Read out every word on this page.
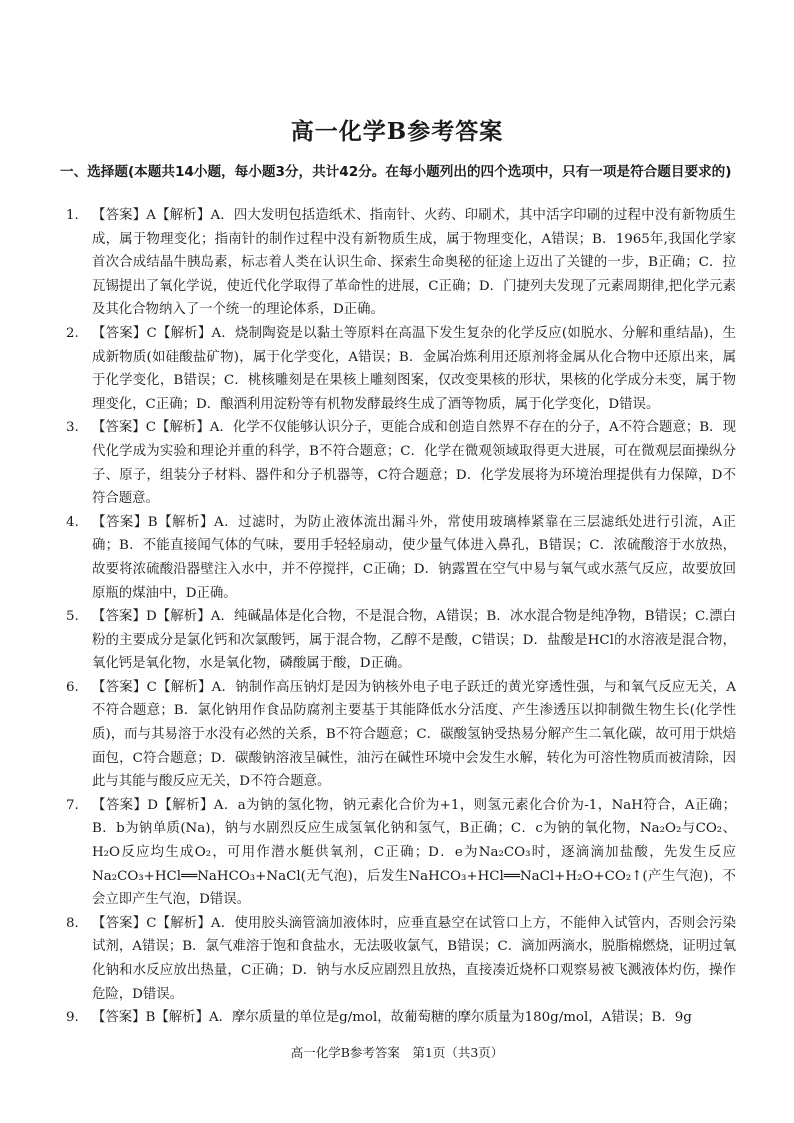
高一化学B参考答案
一、选择题(本题共14小题，每小题3分，共计42分。在每小题列出的四个选项中，只有一项是符合题目要求的)
1. 【答案】A【解析】A．四大发明包括造纸术、指南针、火药、印刷术，其中活字印刷的过程中没有新物质生成，属于物理变化；指南针的制作过程中没有新物质生成，属于物理变化，A错误；B．1965年,我国化学家首次合成结晶牛胰岛素，标志着人类在认识生命、探索生命奥秘的征途上迈出了关键的一步，B正确；C．拉瓦锡提出了氧化学说，使近代化学取得了革命性的进展，C正确；D．门捷列夫发现了元素周期律,把化学元素及其化合物纳入了一个统一的理论体系，D正确。
2. 【答案】C【解析】A．烧制陶瓷是以黏土等原料在高温下发生复杂的化学反应(如脱水、分解和重结晶)，生成新物质(如硅酸盐矿物)，属于化学变化，A错误；B．金属冶炼利用还原剂将金属从化合物中还原出来，属于化学变化，B错误；C．桃核雕刻是在果核上雕刻图案，仅改变果核的形状，果核的化学成分未变，属于物理变化，C正确；D．酿酒利用淀粉等有机物发酵最终生成了酒等物质，属于化学变化，D错误。
3. 【答案】C【解析】A．化学不仅能够认识分子，更能合成和创造自然界不存在的分子，A不符合题意；B．现代化学成为实验和理论并重的科学，B不符合题意；C．化学在微观领域取得更大进展，可在微观层面操纵分子、原子，组装分子材料、器件和分子机器等，C符合题意；D．化学发展将为环境治理提供有力保障，D不符合题意。
4. 【答案】B【解析】A．过滤时，为防止液体流出漏斗外，常使用玻璃棒紧靠在三层滤纸处进行引流，A正确；B．不能直接闻气体的气味，要用手轻轻扇动，使少量气体进入鼻孔，B错误；C．浓硫酸溶于水放热，故要将浓硫酸沿器壁注入水中，并不停搅拌，C正确；D．钠露置在空气中易与氧气或水蒸气反应，故要放回原瓶的煤油中，D正确。
5. 【答案】D【解析】A．纯碱晶体是化合物，不是混合物，A错误；B．冰水混合物是纯净物，B错误；C.漂白粉的主要成分是氯化钙和次氯酸钙，属于混合物，乙醇不是酸，C错误；D．盐酸是HCl的水溶液是混合物，氧化钙是氧化物，水是氧化物，磷酸属于酸，D正确。
6. 【答案】C【解析】A．钠制作高压钠灯是因为钠核外电子电子跃迁的黄光穿透性强，与和氧气反应无关，A不符合题意；B．氯化钠用作食品防腐剂主要基于其能降低水分活度、产生渗透压以抑制微生物生长(化学性质)，而与其易溶于水没有必然的关系，B不符合题意；C．碳酸氢钠受热易分解产生二氧化碳，故可用于烘焙面包，C符合题意；D．碳酸钠溶液呈碱性，油污在碱性环境中会发生水解，转化为可溶性物质而被清除，因此与其能与酸反应无关，D不符合题意。
7. 【答案】D【解析】A．a为钠的氢化物，钠元素化合价为+1，则氢元素化合价为-1，NaH符合，A正确；B．b为钠单质(Na)，钠与水剧烈反应生成氢氧化钠和氢气，B正确；C．c为钠的氧化物，Na₂O₂与CO₂、H₂O反应均生成O₂，可用作潜水艇供氧剂，C正确；D．e为Na₂CO₃时，逐滴滴加盐酸，先发生反应Na₂CO₃+HCl══NaHCO₃+NaCl(无气泡)，后发生NaHCO₃+HCl══NaCl+H₂O+CO₂↑(产生气泡)，不会立即产生气泡，D错误。
8. 【答案】C【解析】A．使用胶头滴管滴加液体时，应垂直悬空在试管口上方，不能伸入试管内，否则会污染试剂，A错误；B．氯气难溶于饱和食盐水，无法吸收氯气，B错误；C．滴加两滴水，脱脂棉燃烧，证明过氧化钠和水反应放出热量，C正确；D．钠与水反应剧烈且放热，直接凑近烧杯口观察易被飞溅液体灼伤，操作危险，D错误。
9. 【答案】B【解析】A．摩尔质量的单位是g/mol，故葡萄糖的摩尔质量为180g/mol，A错误；B．9g
高一化学B参考答案　第1页（共3页）
